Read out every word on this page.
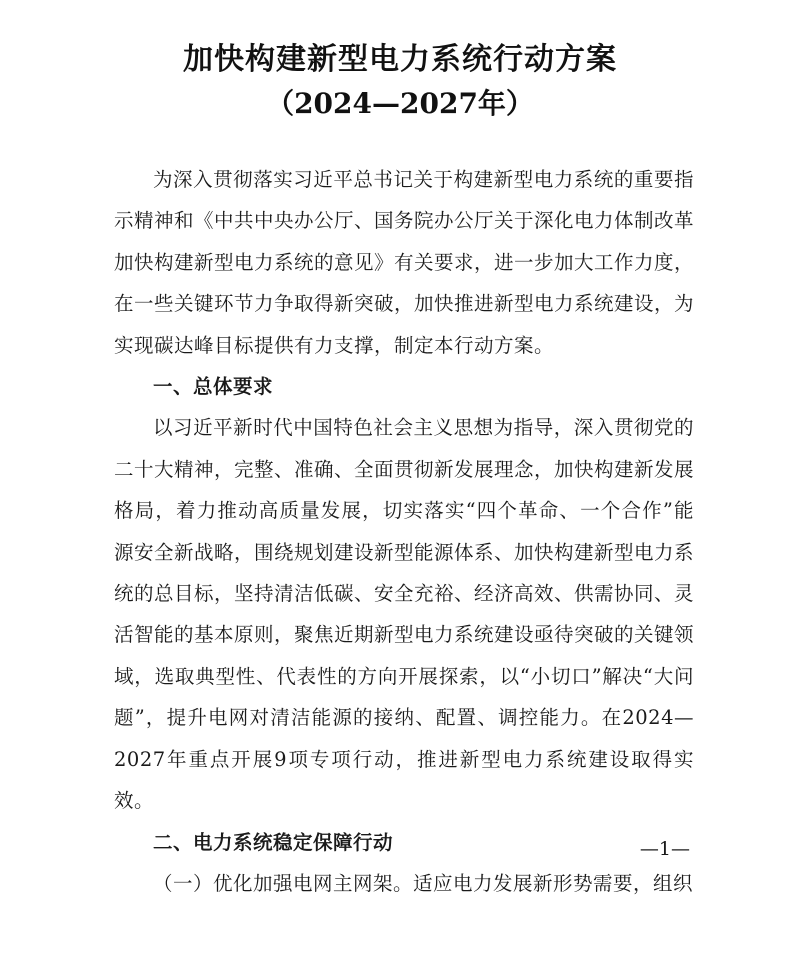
加快构建新型电力系统行动方案
（2024—2027年）

为深入贯彻落实习近平总书记关于构建新型电力系统的重要指示精神和《中共中央办公厅、国务院办公厅关于深化电力体制改革加快构建新型电力系统的意见》有关要求，进一步加大工作力度，在一些关键环节力争取得新突破，加快推进新型电力系统建设，为实现碳达峰目标提供有力支撑，制定本行动方案。

一、总体要求

以习近平新时代中国特色社会主义思想为指导，深入贯彻党的二十大精神，完整、准确、全面贯彻新发展理念，加快构建新发展格局，着力推动高质量发展，切实落实“四个革命、一个合作”能源安全新战略，围绕规划建设新型能源体系、加快构建新型电力系统的总目标，坚持清洁低碳、安全充裕、经济高效、供需协同、灵活智能的基本原则，聚焦近期新型电力系统建设亟待突破的关键领域，选取典型性、代表性的方向开展探索，以“小切口”解决“大问题”，提升电网对清洁能源的接纳、配置、调控能力。在2024—2027年重点开展9项专项行动，推进新型电力系统建设取得实效。

二、电力系统稳定保障行动

（一）优化加强电网主网架。适应电力发展新形势需要，组织

—1—
